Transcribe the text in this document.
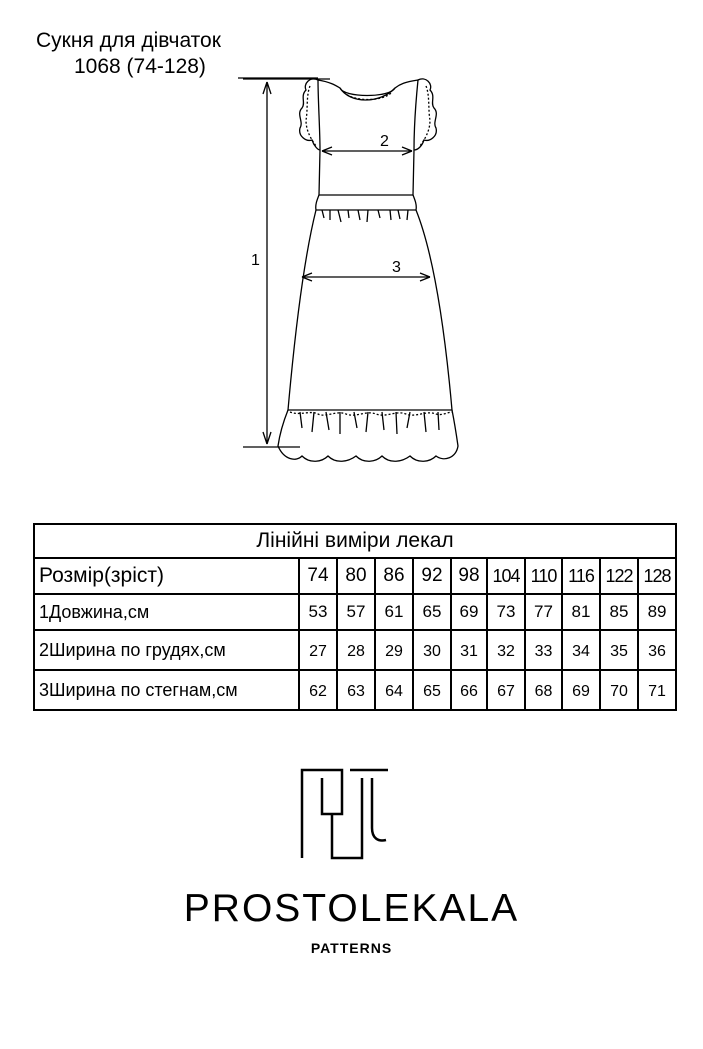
Сукня для дівчаток
1068 (74-128)
1
2
3
Лінійні виміри лекал										
Розмір(зріст)	74	80	86	92	98	104	110	116	122	128
1Довжина,см	53	57	61	65	69	73	77	81	85	89
2Ширина по грудях,см	27	28	29	30	31	32	33	34	35	36
3Ширина по стегнам,см	62	63	64	65	66	67	68	69	70	71
PROSTOLEKALA
PATTERNS
